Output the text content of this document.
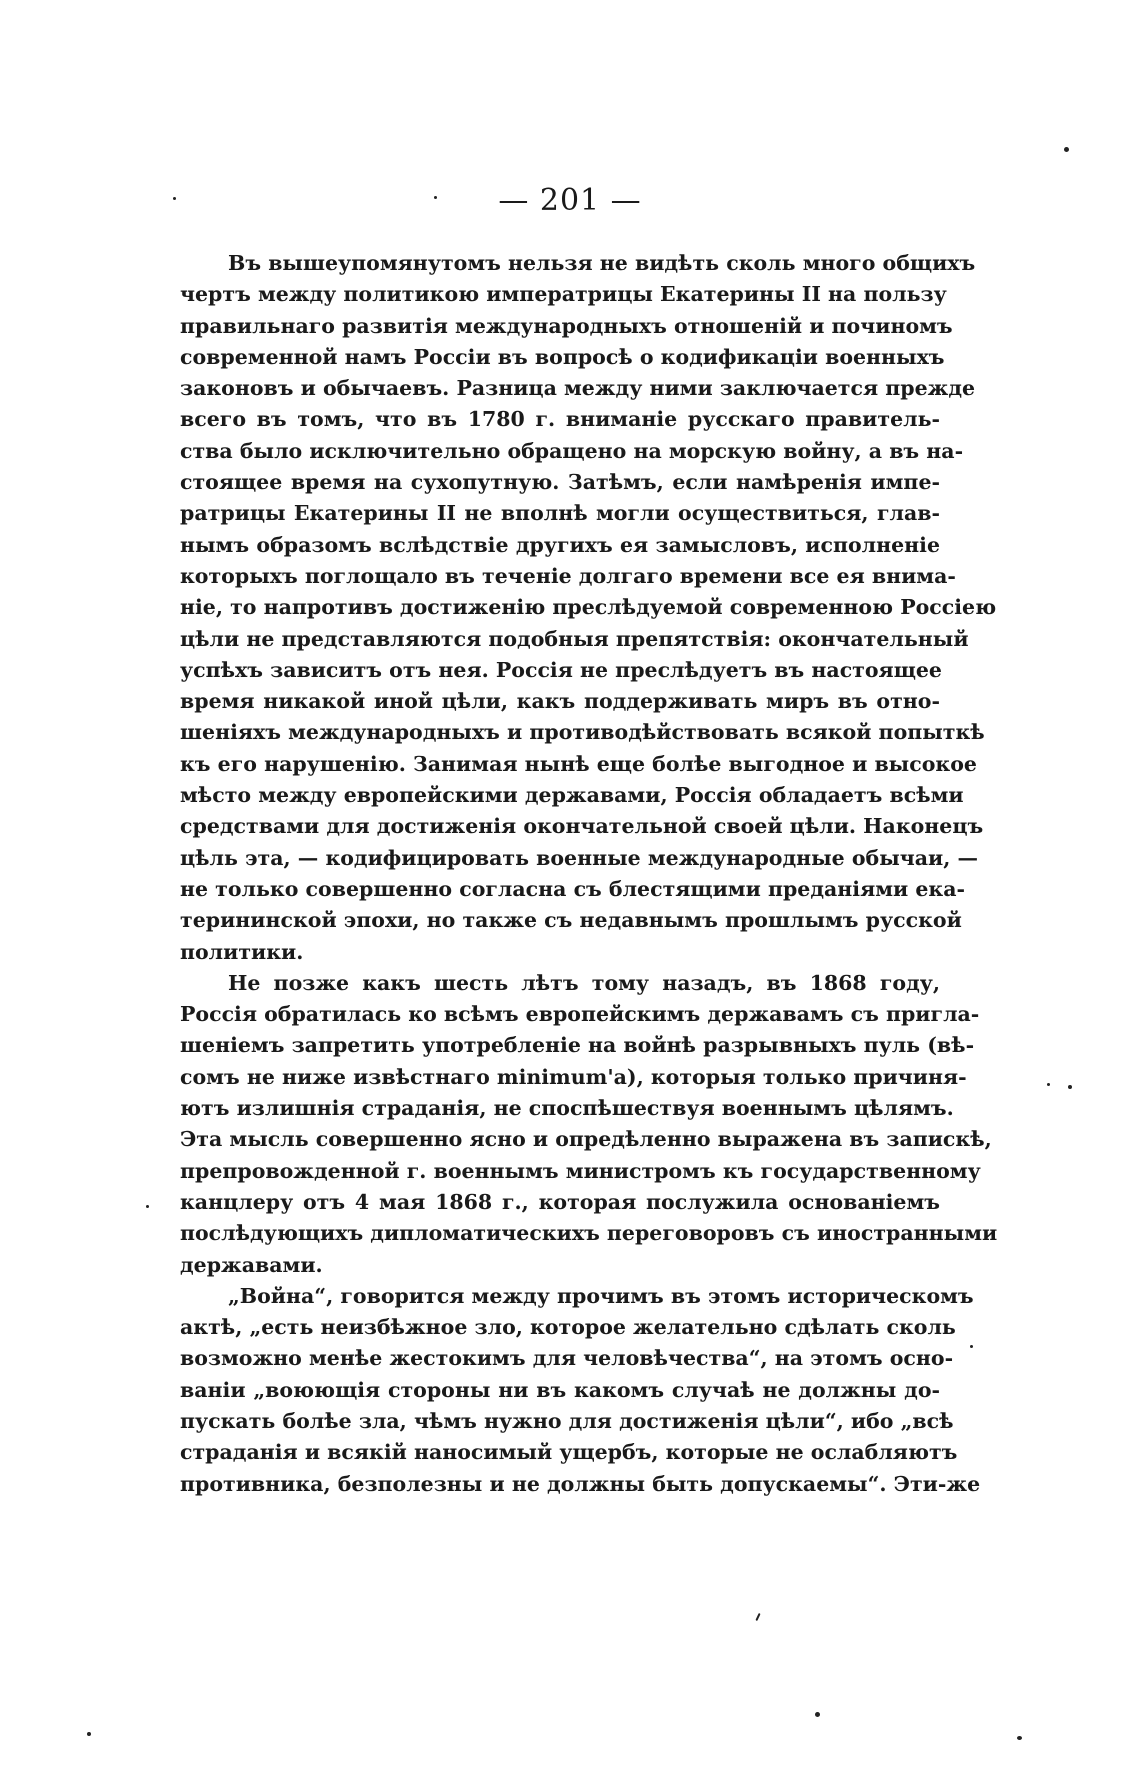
— 201 —
Въ вышеупомянутомъ нельзя не видѣть сколь много общихъ
чертъ между политикою императрицы Екатерины II на пользу
правильнаго развитія международныхъ отношеній и починомъ
современной намъ Россіи въ вопросѣ о кодификаціи военныхъ
законовъ и обычаевъ. Разница между ними заключается прежде
всего въ томъ, что въ 1780 г. вниманіе русскаго правитель-
ства было исключительно обращено на морскую войну, а въ на-
стоящее время на сухопутную. Затѣмъ, если намѣренія импе-
ратрицы Екатерины II не вполнѣ могли осуществиться, глав-
нымъ образомъ вслѣдствіе другихъ ея замысловъ, исполненіе
которыхъ поглощало въ теченіе долгаго времени все ея внима-
ніе, то напротивъ достиженію преслѣдуемой современною Россіею
цѣли не представляются подобныя препятствія: окончательный
успѣхъ зависитъ отъ нея. Россія не преслѣдуетъ въ настоящее
время никакой иной цѣли, какъ поддерживать миръ въ отно-
шеніяхъ международныхъ и противодѣйствовать всякой попыткѣ
къ его нарушенію. Занимая нынѣ еще болѣе выгодное и высокое
мѣсто между европейскими державами, Россія обладаетъ всѣми
средствами для достиженія окончательной своей цѣли. Наконецъ
цѣль эта, — кодифицировать военные международные обычаи, —
не только совершенно согласна съ блестящими преданіями ека-
терининской эпохи, но также съ недавнымъ прошлымъ русской
политики.
Не позже какъ шесть лѣтъ тому назадъ, въ 1868 году,
Россія обратилась ко всѣмъ европейскимъ державамъ съ пригла-
шеніемъ запретить употребленіе на войнѣ разрывныхъ пуль (вѣ-
сомъ не ниже извѣстнаго minimum'а), которыя только причиня-
ютъ излишнія страданія, не споспѣшествуя военнымъ цѣлямъ.
Эта мысль совершенно ясно и опредѣленно выражена въ запискѣ,
препровожденной г. военнымъ министромъ къ государственному
канцлеру отъ 4 мая 1868 г., которая послужила основаніемъ
послѣдующихъ дипломатическихъ переговоровъ съ иностранными
державами.
„Война“, говорится между прочимъ въ этомъ историческомъ
актѣ, „есть неизбѣжное зло, которое желательно сдѣлать сколь
возможно менѣе жестокимъ для человѣчества“, на этомъ осно-
ваніи „воюющія стороны ни въ какомъ случаѣ не должны до-
пускать болѣе зла, чѣмъ нужно для достиженія цѣли“, ибо „всѣ
страданія и всякій наносимый ущербъ, которые не ослабляютъ
противника, безполезны и не должны быть допускаемы“. Эти-же
